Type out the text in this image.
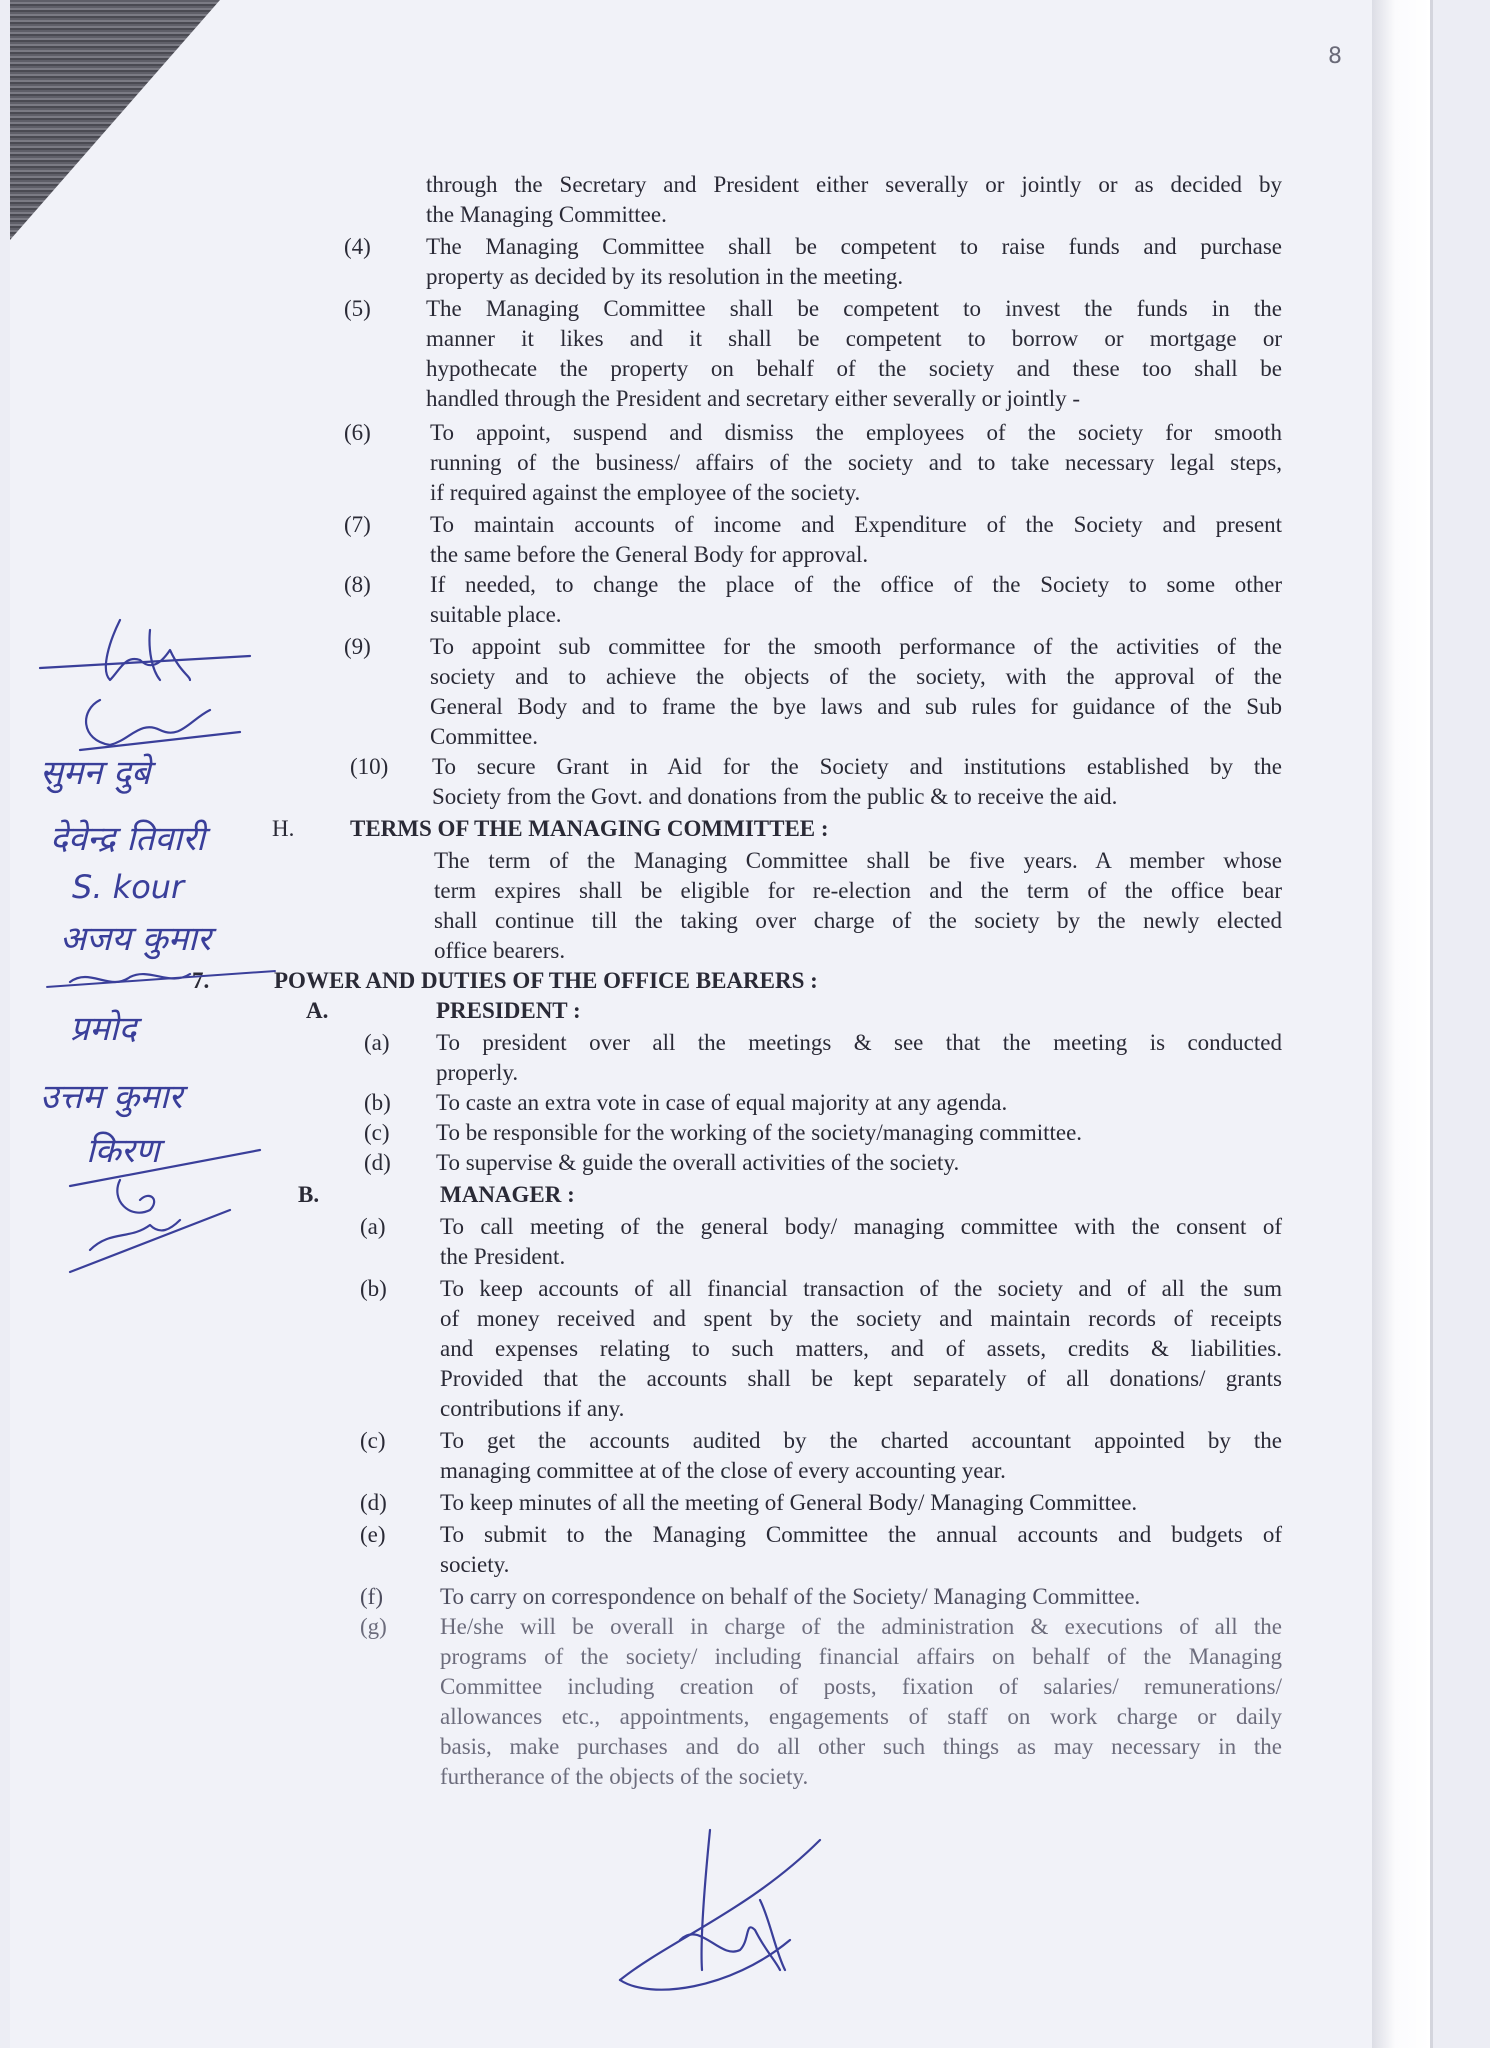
8

through the Secretary and President either severally or jointly or as decided by

the Managing Committee.

(4) The Managing Committee shall be competent to raise funds and purchase

property as decided by its resolution in the meeting.

(5) The Managing Committee shall be competent to invest the funds in the

manner it likes and it shall be competent to borrow or mortgage or

hypothecate the property on behalf of the society and these too shall be

handled through the President and secretary either severally or jointly -

(6)	To appoint, suspend and dismiss the employees of the society for smooth

running of the business/ affairs of the society and to take necessary legal steps,

if required against the employee of the society.

(7)	To maintain accounts of income and Expenditure of the Society and present

the same before the General Body for approval.

(8)	If needed, to change the place of the office of the Society to some other

suitable place.

(9)	To appoint sub committee for the smooth performance of the activities of the

society and to achieve the objects of the society, with the approval of the

General Body and to frame the bye laws and sub rules for guidance of the Sub

Committee.

(10) To secure Grant in Aid for the Society and institutions established by the

Society from the Govt. and donations from the public & to receive the aid.

H. TERMS OF THE MANAGING COMMITTEE :

The term of the Managing Committee shall be five years. A member whose

term expires shall be eligible for re-election and the term of the office bear

shall continue till the taking over charge of the society by the newly elected

office bearers.

7.	POWER AND DUTIES OF THE OFFICE BEARERS :
A.	PRESIDENT :

(a) To president over all the meetings & see that the meeting is conducted

properly.

(b) To caste an extra vote in case of equal majority at any agenda.

(c) To be responsible for the working of the society/managing committee.

(d) To supervise & guide the overall activities of the society.

B.	MANAGER :

(a) To call meeting of the general body/ managing committee with the consent of

the President.

(b) To keep accounts of all financial transaction of the society and of all the sum

of money received and spent by the society and maintain records of receipts

and expenses relating to such matters, and of assets, credits & liabilities.

Provided that the accounts shall be kept separately of all donations/ grants

contributions if any.

(c) To get the accounts audited by the charted accountant appointed by the

managing committee at of the close of every accounting year.

(d) To keep minutes of all the meeting of General Body/ Managing Committee.

(e) To submit to the Managing Committee the annual accounts and budgets of

society.

(f) To carry on correspondence on behalf of the Society/ Managing Committee.

(g) He/she will be overall in charge of the administration & executions of all the

programs of the society/ including financial affairs on behalf of the Managing

Committee including creation of posts, fixation of salaries/ remunerations/

allowances etc., appointments, engagements of staff on work charge or daily

basis, make purchases and do all other such things as may necessary in the

furtherance of the objects of the society.

सुमन दुबे
देवेन्द्र तिवारी
S. kour
अजय कुमार
प्रमोद
उत्तम कुमार
किरण
